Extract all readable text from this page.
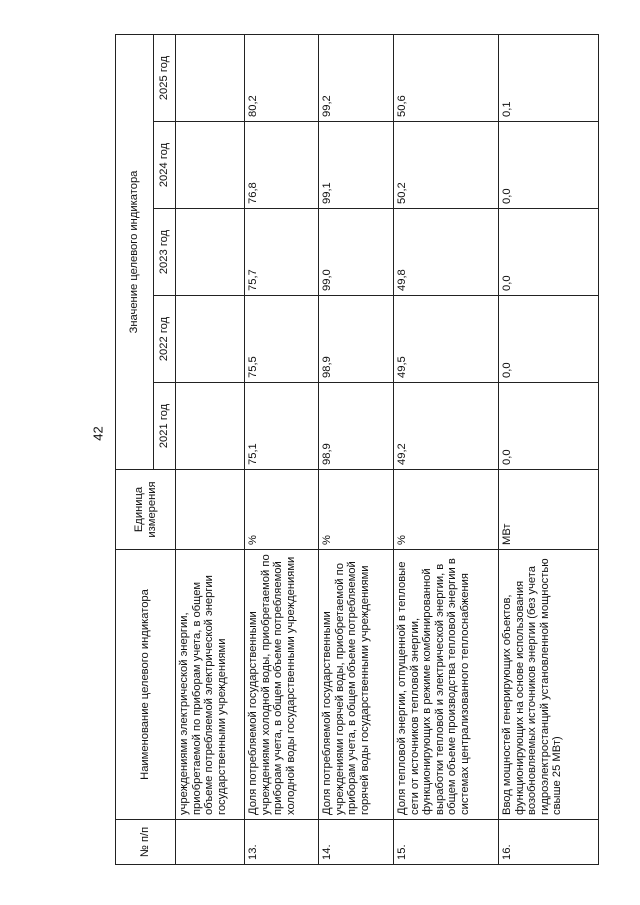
42
№ п/п	Наименование целевого индикатора	Единица измерения	Значение целевого индикатора				
			2021 год	2022 год	2023 год	2024 год	2025 год
	учреждениями электрической энергии, приобретаемой по приборам учета, в общем объеме потребляемой электрической энергии государственными учреждениями						
13.	Доля потребляемой государственными учреждениями холодной воды, приобретаемой по приборам учета, в общем объеме потребляемой холодной воды государственными учреждениями	%	75,1	75,5	75,7	76,8	80,2
14.	Доля потребляемой государственными учреждениями горячей воды, приобретаемой по приборам учета, в общем объеме потребляемой горячей воды государственными учреждениями	%	98,9	98,9	99,0	99,1	99,2
15.	Доля тепловой энергии, отпущенной в тепловые сети от источников тепловой энергии, функционирующих в режиме комбинированной выработки тепловой и электрической энергии, в общем объеме производства тепловой энергии в системах централизованного теплоснабжения	%	49,2	49,5	49,8	50,2	50,6
16.	Ввод мощностей генерирующих объектов, функционирующих на основе использования возобновляемых источников энергии (без учета гидроэлектростанций установленной мощностью свыше 25 МВт)	МВт	0,0	0,0	0,0	0,0	0,1
